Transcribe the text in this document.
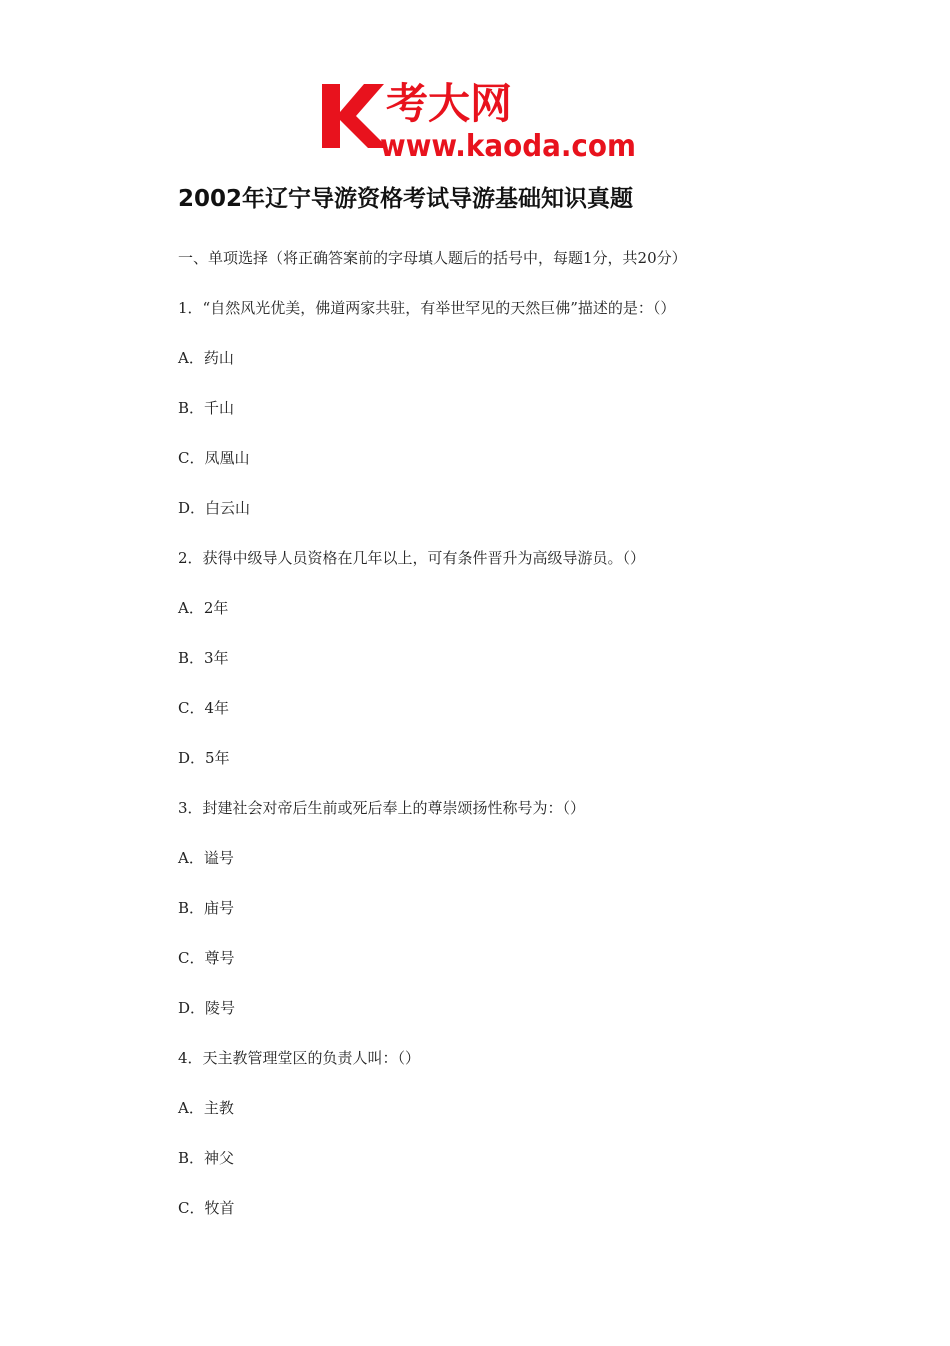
考大网
www.kaoda.com
2002年辽宁导游资格考试导游基础知识真题
一、单项选择（将正确答案前的字母填人题后的括号中，每题1分，共20分）
1．“自然风光优美，佛道两家共驻，有举世罕见的天然巨佛”描述的是：（）
A．药山
B．千山
C．凤凰山
D．白云山
2．获得中级导人员资格在几年以上，可有条件晋升为高级导游员。（）
A．2年
B．3年
C．4年
D．5年
3．封建社会对帝后生前或死后奉上的尊崇颂扬性称号为：（）
A．谥号
B．庙号
C．尊号
D．陵号
4．天主教管理堂区的负责人叫：（）
A．主教
B．神父
C．牧首
